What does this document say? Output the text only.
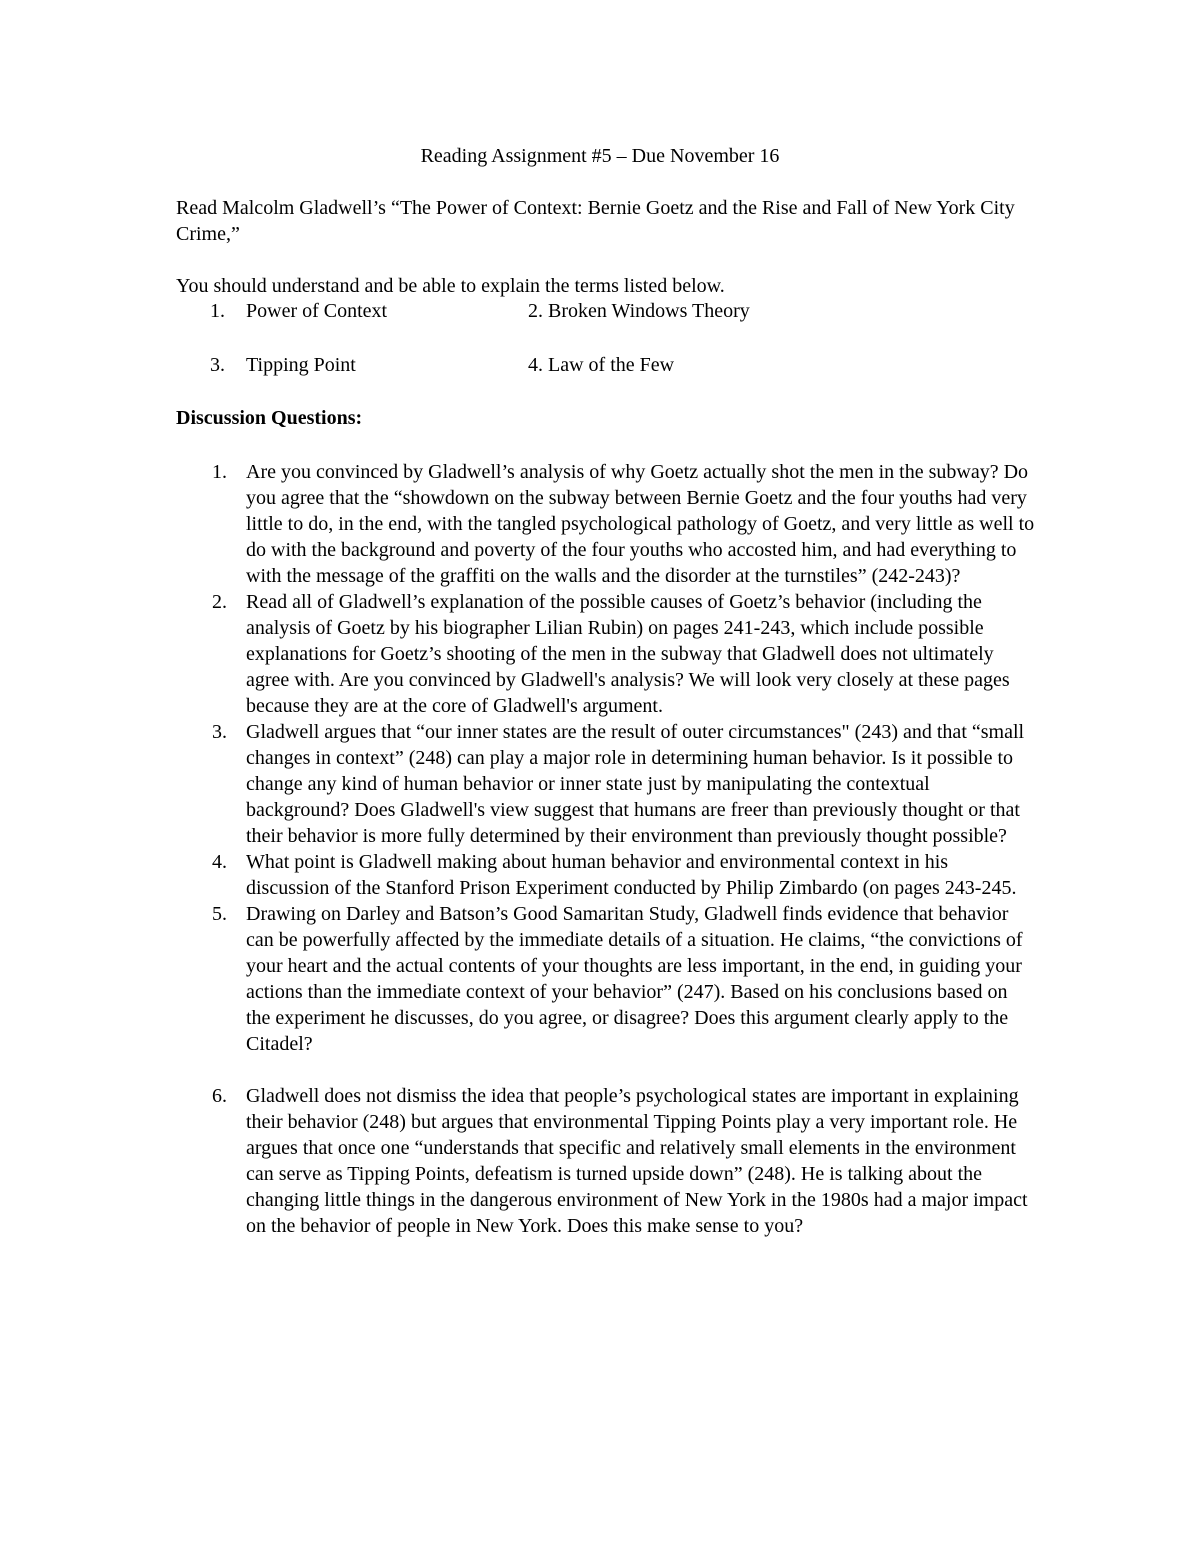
Reading Assignment #5 – Due November 16

Read Malcolm Gladwell’s “The Power of Context: Bernie Goetz and the Rise and Fall of New York City Crime,”

You should understand and be able to explain the terms listed below.

1.	Power of Context	2. Broken Windows Theory
3.	Tipping Point	4. Law of the Few
Discussion Questions:
1. Are you convinced by Gladwell’s analysis of why Goetz actually shot the men in the subway? Do you agree that the “showdown on the subway between Bernie Goetz and the four youths had very little to do, in the end, with the tangled psychological pathology of Goetz, and very little as well to do with the background and poverty of the four youths who accosted him, and had everything to with the message of the graffiti on the walls and the disorder at the turnstiles” (242-243)?
2. Read all of Gladwell’s explanation of the possible causes of Goetz’s behavior (including the analysis of Goetz by his biographer Lilian Rubin) on pages 241-243, which include possible explanations for Goetz’s shooting of the men in the subway that Gladwell does not ultimately agree with. Are you convinced by Gladwell's analysis? We will look very closely at these pages because they are at the core of Gladwell's argument.
3. Gladwell argues that “our inner states are the result of outer circumstances" (243) and that “small changes in context” (248) can play a major role in determining human behavior. Is it possible to change any kind of human behavior or inner state just by manipulating the contextual background? Does Gladwell's view suggest that humans are freer than previously thought or that their behavior is more fully determined by their environment than previously thought possible?
4. What point is Gladwell making about human behavior and environmental context in his discussion of the Stanford Prison Experiment conducted by Philip Zimbardo (on pages 243-245.
5. Drawing on Darley and Batson’s Good Samaritan Study, Gladwell finds evidence that behavior can be powerfully affected by the immediate details of a situation. He claims, “the convictions of your heart and the actual contents of your thoughts are less important, in the end, in guiding your actions than the immediate context of your behavior” (247). Based on his conclusions based on the experiment he discusses, do you agree, or disagree? Does this argument clearly apply to the Citadel?
6. Gladwell does not dismiss the idea that people’s psychological states are important in explaining their behavior (248) but argues that environmental Tipping Points play a very important role. He argues that once one “understands that specific and relatively small elements in the environment can serve as Tipping Points, defeatism is turned upside down” (248). He is talking about the changing little things in the dangerous environment of New York in the 1980s had a major impact on the behavior of people in New York. Does this make sense to you?
